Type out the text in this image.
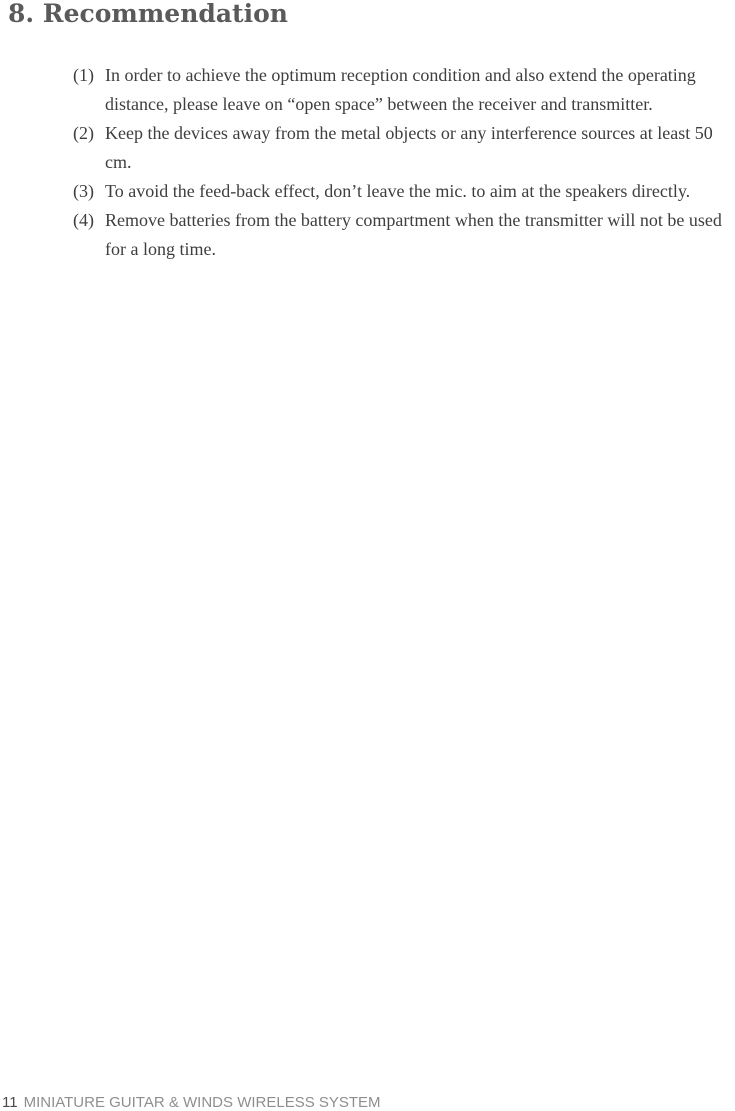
8. Recommendation
(1) In order to achieve the optimum reception condition and also extend the operating distance, please leave on “open space” between the receiver and transmitter.
(2) Keep the devices away from the metal objects or any interference sources at least 50 cm.
(3) To avoid the feed-back effect, don’t leave the mic. to aim at the speakers directly.
(4) Remove batteries from the battery compartment when the transmitter will not be used for a long time.
11 MINIATURE GUITAR & WINDS WIRELESS SYSTEM
